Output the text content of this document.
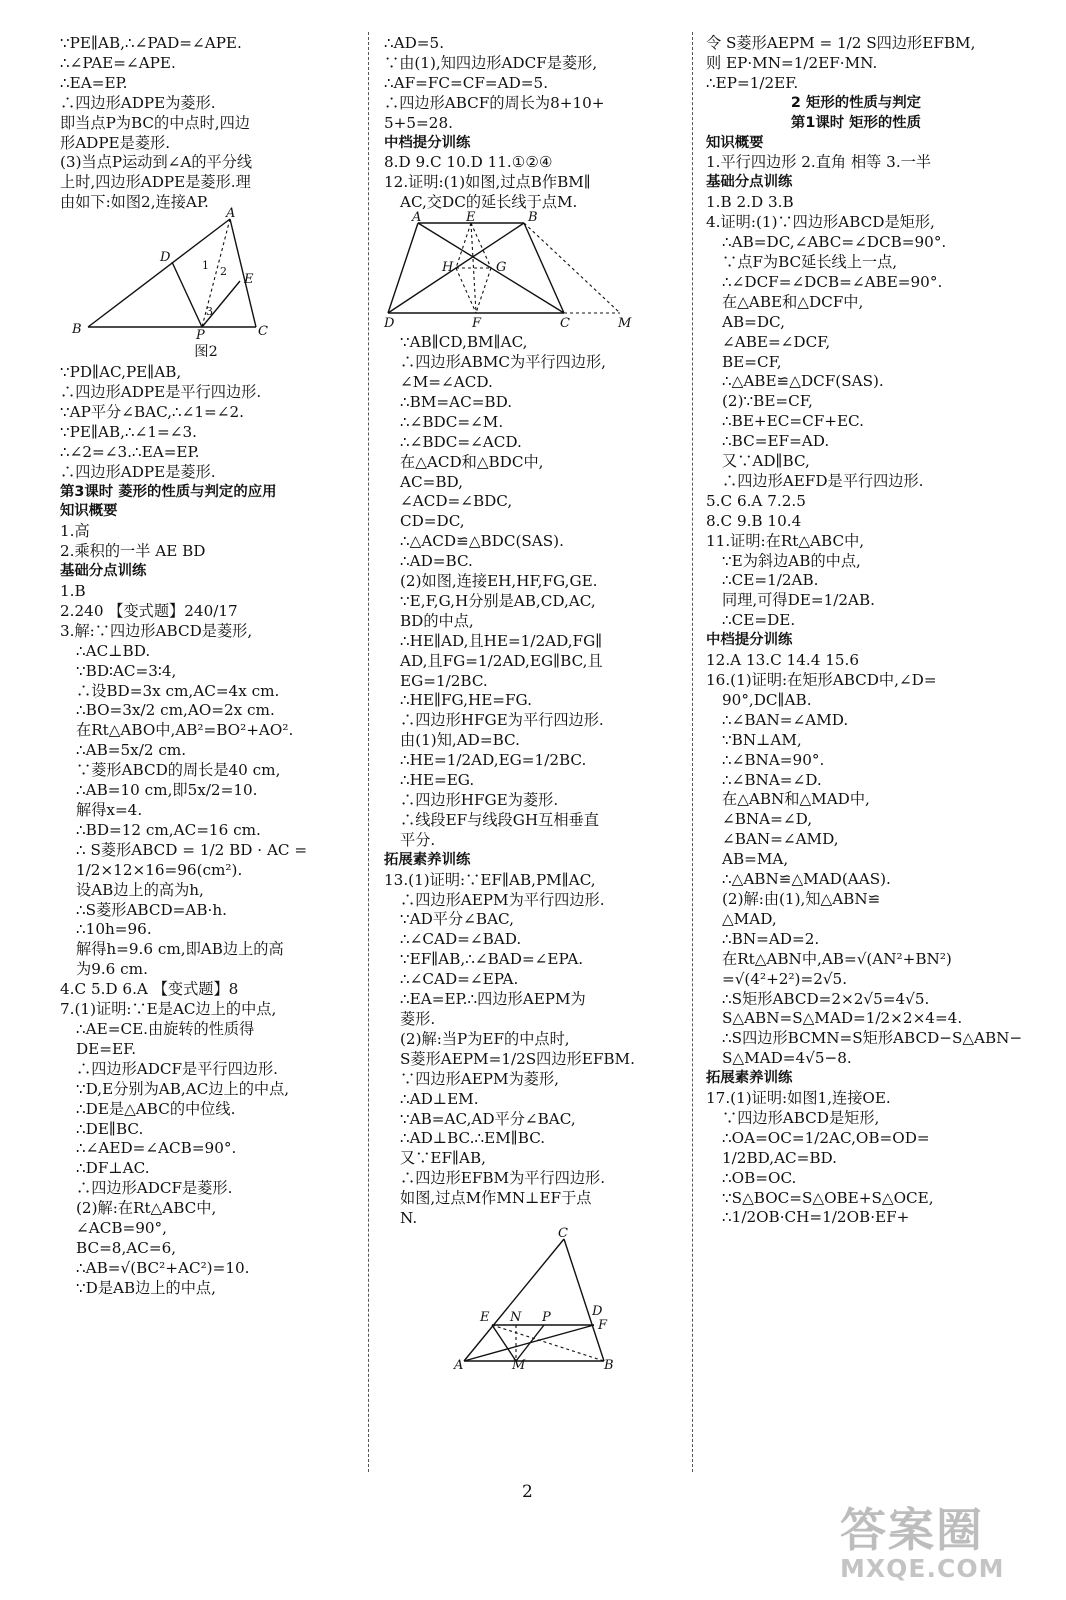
∵PE∥AB,∴∠PAD=∠APE.
∴∠PAE=∠APE.
∴EA=EP.
∴四边形ADPE为菱形.
即当点P为BC的中点时,四边
形ADPE是菱形.
(3)当点P运动到∠A的平分线
上时,四边形ADPE是菱形.理
由如下:如图2,连接AP.
A
B	C
D
E
P
1 2
3
图2
∵PD∥AC,PE∥AB,
∴四边形ADPE是平行四边形.
∵AP平分∠BAC,∴∠1=∠2.
∵PE∥AB,∴∠1=∠3.
∴∠2=∠3.∴EA=EP.
∴四边形ADPE是菱形.
第3课时 菱形的性质与判定的应用
知识概要
1.高
2.乘积的一半 AE BD
基础分点训练
1.B
2.240 【变式题】240/17
3.解:∵四边形ABCD是菱形,
∴AC⊥BD.
∵BD∶AC=3∶4,
∴设BD=3x cm,AC=4x cm.
∴BO=3x/2 cm,AO=2x cm.
在Rt△ABO中,AB²=BO²+AO².
∴AB=5x/2 cm.
∵菱形ABCD的周长是40 cm,
∴AB=10 cm,即5x/2=10.
解得x=4.
∴BD=12 cm,AC=16 cm.
∴ S菱形ABCD = 1/2 BD · AC =
1/2×12×16=96(cm²).
设AB边上的高为h,
∴S菱形ABCD=AB·h.
∴10h=96.
解得h=9.6 cm,即AB边上的高
为9.6 cm.
4.C 5.D 6.A 【变式题】8
7.(1)证明:∵E是AC边上的中点,
∴AE=CE.由旋转的性质得
DE=EF.
∴四边形ADCF是平行四边形.
∵D,E分别为AB,AC边上的中点,
∴DE是△ABC的中位线.
∴DE∥BC.
∴∠AED=∠ACB=90°.
∴DF⊥AC.
∴四边形ADCF是菱形.
(2)解:在Rt△ABC中,
∠ACB=90°,
BC=8,AC=6,
∴AB=√(BC²+AC²)=10.
∵D是AB边上的中点,
∴AD=5.
∵由(1),知四边形ADCF是菱形,
∴AF=FC=CF=AD=5.
∴四边形ABCF的周长为8+10+
5+5=28.
中档提分训练
8.D 9.C 10.D 11.①②④
12.证明:(1)如图,过点B作BM∥
AC,交DC的延长线于点M.
A	E	B
H	G
D	F	C	M
∵AB∥CD,BM∥AC,
∴四边形ABMC为平行四边形,
∠M=∠ACD.
∴BM=AC=BD.
∴∠BDC=∠M.
∴∠BDC=∠ACD.
在△ACD和△BDC中,
AC=BD,
∠ACD=∠BDC,
CD=DC,
∴△ACD≌△BDC(SAS).
∴AD=BC.
(2)如图,连接EH,HF,FG,GE.
∵E,F,G,H分别是AB,CD,AC,
BD的中点,
∴HE∥AD,且HE=1/2AD,FG∥
AD,且FG=1/2AD,EG∥BC,且
EG=1/2BC.
∴HE∥FG,HE=FG.
∴四边形HFGE为平行四边形.
由(1)知,AD=BC.
∴HE=1/2AD,EG=1/2BC.
∴HE=EG.
∴四边形HFGE为菱形.
∴线段EF与线段GH互相垂直
平分.
拓展素养训练
13.(1)证明:∵EF∥AB,PM∥AC,
∴四边形AEPM为平行四边形.
∵AD平分∠BAC,
∴∠CAD=∠BAD.
∵EF∥AB,∴∠BAD=∠EPA.
∴∠CAD=∠EPA.
∴EA=EP.∴四边形AEPM为
菱形.
(2)解:当P为EF的中点时,
S菱形AEPM=1/2S四边形EFBM.
∵四边形AEPM为菱形,
∴AD⊥EM.
∵AB=AC,AD平分∠BAC,
∴AD⊥BC.∴EM∥BC.
又∵EF∥AB,
∴四边形EFBM为平行四边形.
如图,过点M作MN⊥EF于点
N.
C
D
E N P
F
A	M	B
令 S菱形AEPM = 1/2 S四边形EFBM,
则 EP·MN=1/2EF·MN.
∴EP=1/2EF.
2 矩形的性质与判定
第1课时 矩形的性质
知识概要
1.平行四边形 2.直角 相等 3.一半
基础分点训练
1.B 2.D 3.B
4.证明:(1)∵四边形ABCD是矩形,
∴AB=DC,∠ABC=∠DCB=90°.
∵点F为BC延长线上一点,
∴∠DCF=∠DCB=∠ABE=90°.
在△ABE和△DCF中,
AB=DC,
∠ABE=∠DCF,
BE=CF,
∴△ABE≌△DCF(SAS).
(2)∵BE=CF,
∴BE+EC=CF+EC.
∴BC=EF=AD.
又∵AD∥BC,
∴四边形AEFD是平行四边形.
5.C 6.A 7.2.5
8.C 9.B 10.4
11.证明:在Rt△ABC中,
∵E为斜边AB的中点,
∴CE=1/2AB.
同理,可得DE=1/2AB.
∴CE=DE.
中档提分训练
12.A 13.C 14.4 15.6
16.(1)证明:在矩形ABCD中,∠D=
90°,DC∥AB.
∴∠BAN=∠AMD.
∵BN⊥AM,
∴∠BNA=90°.
∴∠BNA=∠D.
在△ABN和△MAD中,
∠BNA=∠D,
∠BAN=∠AMD,
AB=MA,
∴△ABN≌△MAD(AAS).
(2)解:由(1),知△ABN≌
△MAD,
∴BN=AD=2.
在Rt△ABN中,AB=√(AN²+BN²)
=√(4²+2²)=2√5.
∴S矩形ABCD=2×2√5=4√5.
S△ABN=S△MAD=1/2×2×4=4.
∴S四边形BCMN=S矩形ABCD−S△ABN−
S△MAD=4√5−8.
拓展素养训练
17.(1)证明:如图1,连接OE.
∵四边形ABCD是矩形,
∴OA=OC=1/2AC,OB=OD=
1/2BD,AC=BD.
∴OB=OC.
∵S△BOC=S△OBE+S△OCE,
∴1/2OB·CH=1/2OB·EF+
2
答案圈
MXQE.COM
